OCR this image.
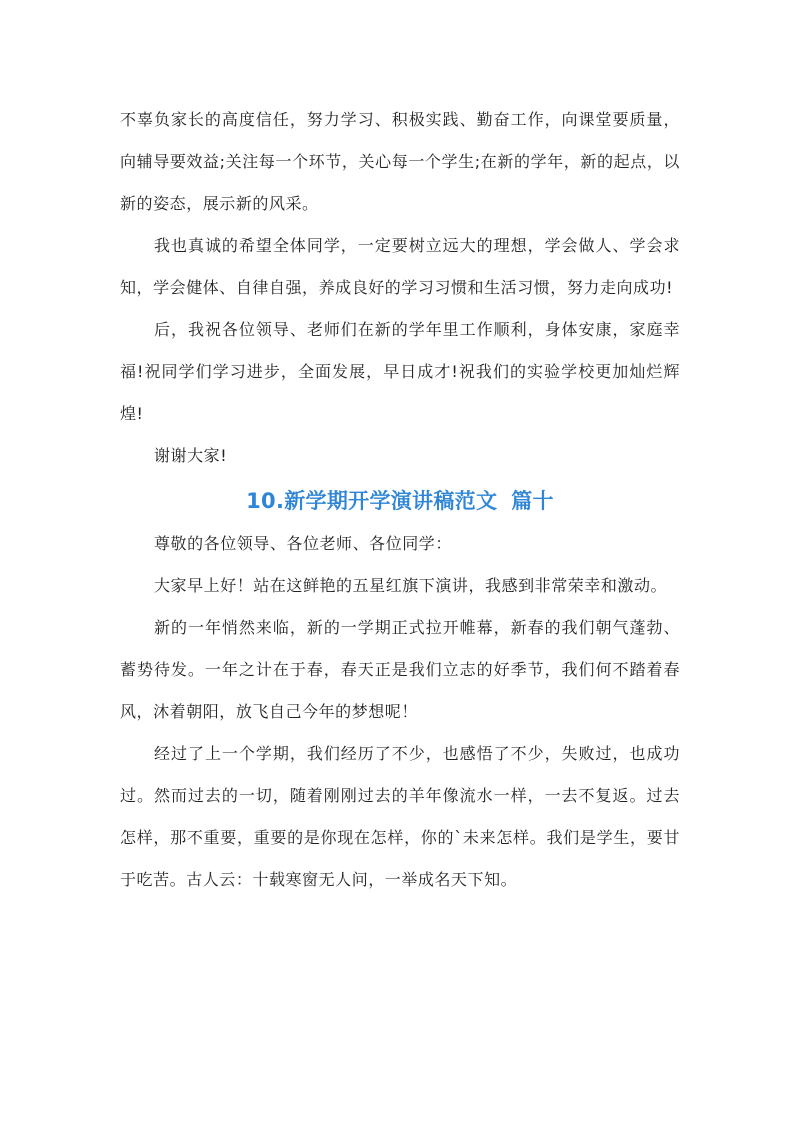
不辜负家长的高度信任，努力学习、积极实践、勤奋工作，向课堂要质量，向辅导要效益;关注每一个环节，关心每一个学生;在新的学年，新的起点，以新的姿态，展示新的风采。

我也真诚的希望全体同学，一定要树立远大的理想，学会做人、学会求知，学会健体、自律自强，养成良好的学习习惯和生活习惯，努力走向成功!

后，我祝各位领导、老师们在新的学年里工作顺利，身体安康，家庭幸福!祝同学们学习进步，全面发展，早日成才!祝我们的实验学校更加灿烂辉煌!

谢谢大家!

10.新学期开学演讲稿范文 篇十

尊敬的各位领导、各位老师、各位同学：

大家早上好！站在这鲜艳的五星红旗下演讲，我感到非常荣幸和激动。

新的一年悄然来临，新的一学期正式拉开帷幕，新春的我们朝气蓬勃、蓄势待发。一年之计在于春，春天正是我们立志的好季节，我们何不踏着春风，沐着朝阳，放飞自己今年的梦想呢！

经过了上一个学期，我们经历了不少，也感悟了不少，失败过，也成功过。然而过去的一切，随着刚刚过去的羊年像流水一样，一去不复返。过去怎样，那不重要，重要的是你现在怎样，你的`未来怎样。我们是学生，要甘于吃苦。古人云：十载寒窗无人问，一举成名天下知。
